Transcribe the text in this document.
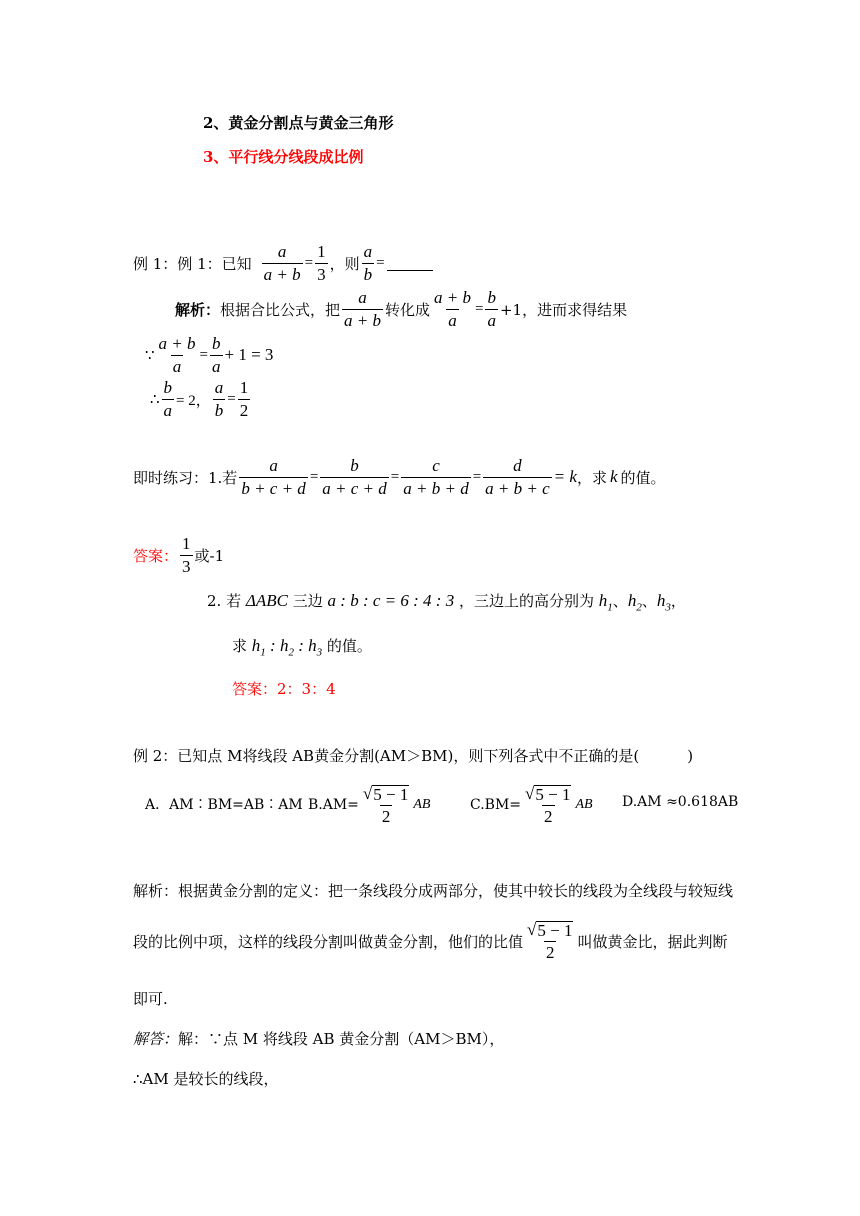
2、黄金分割点与黄金三角形
3、平行线分线段成比例
例 1：例 1：已知 $\frac{a}{a + b} = \frac{1}{3}$ ，则 $\frac{a}{b}$ =
解析： 根据合比公式，把 $\frac{a}{a + b}$ 转化成 $\frac{a + b}{a} = \frac{b}{a} +1$，进而求得结果
∵ $\frac{a + b}{a} = \frac{b}{a} + 1 = 3$
∴ $\frac{b}{a} = 2$， $\frac{a}{b} = \frac{1}{2}$
即时练习：1.若 $\frac{a}{b + c + d} = \frac{b}{a + c + d} = \frac{c}{a + b + d} = \frac{d}{a + b + c} = k$ ，求 k 的值。
答案： $\frac{1}{3}$ 或-1
2. 若 ΔABC 三边 a : b : c = 6 : 4 : 3 ，三边上的高分别为 $h_1$、$h_2$、$h_3$，
求 $h_1$ : $h_2$ : $h_3$ 的值。
答案：2：3：4
例 2：已知点 M将线段 AB黄金分割(AM＞BM)，则下列各式中不正确的是(	)
A．AM∶BM=AB∶AM $B.AM= \frac{√ 5 - 1}{2}$ AB	$C.BM= \frac{√ 5 - 1}{2}$ AB D.AM ≈0.618AB
解析：根据黄金分割的定义：把一条线段分成两部分，使其中较长的线段为全线段与较短线
段的比例中项，这样的线段分割叫做黄金分割，他们的比值 $\frac{√ 5 - 1}{2}$ 叫做黄金比，据此判断
即可.
解答：解：∵点 M 将线段 AB 黄金分割（AM＞BM），
∴AM 是较长的线段，
